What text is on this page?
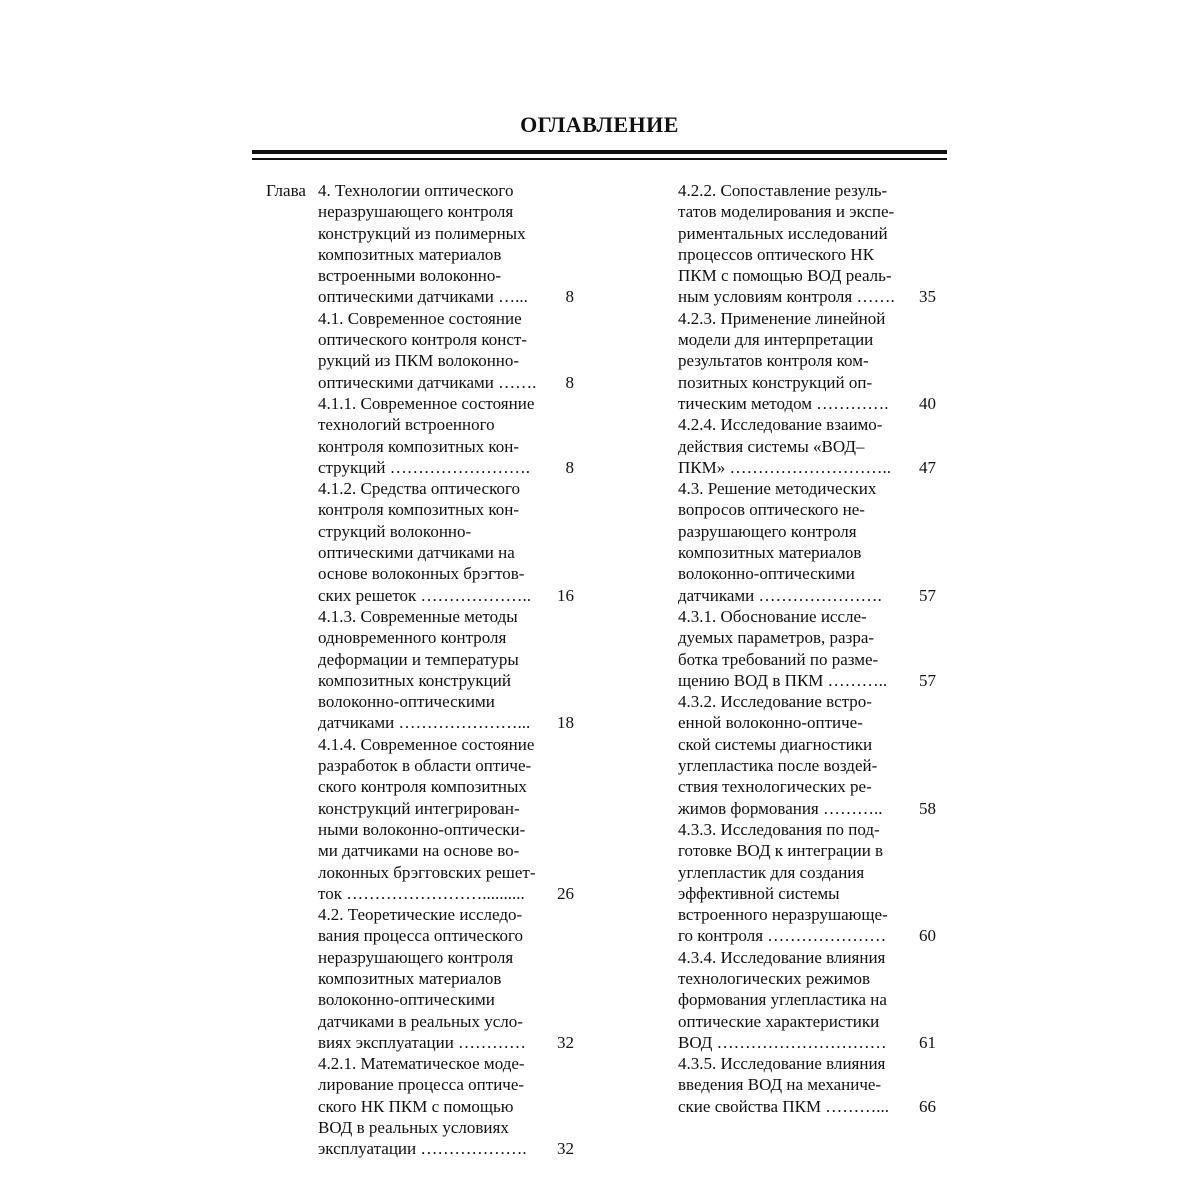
ОГЛАВЛЕНИЕ
Глава 4. Технологии оптического
неразрушающего контроля
конструкций из полимерных
композитных материалов
встроенными волоконно-
оптическими датчиками …...	8
4.1. Современное состояние
оптического контроля конст-
рукций из ПКМ волоконно-
оптическими датчиками …….	8
4.1.1. Современное состояние
технологий встроенного
контроля композитных кон-
струкций …………………….	8
4.1.2. Средства оптического
контроля композитных кон-
струкций волоконно-
оптическими датчиками на
основе волоконных брэгтов-
ских решеток ………………..	16
4.1.3. Современные методы
одновременного контроля
деформации и температуры
композитных конструкций
волоконно-оптическими
датчиками …………………...	18
4.1.4. Современное состояние
разработок в области оптиче-
ского контроля композитных
конструкций интегрирован-
ными волоконно-оптически-
ми датчиками на основе во-
локонных брэгговских решет-
ток ……………………..........	26
4.2. Теоретические исследо-
вания процесса оптического
неразрушающего контроля
композитных материалов
волоконно-оптическими
датчиками в реальных усло-
виях эксплуатации …………	32
4.2.1. Математическое моде-
лирование процесса оптиче-
ского НК ПКМ с помощью
ВОД в реальных условиях
эксплуатации ……………….	32
4.2.2. Сопоставление резуль-
татов моделирования и экспе-
риментальных исследований
процессов оптического НК
ПКМ с помощью ВОД реаль-
ным условиям контроля …….	35
4.2.3. Применение линейной
модели для интерпретации
результатов контроля ком-
позитных конструкций оп-
тическим методом ………….	40
4.2.4. Исследование взаимо-
действия системы «ВОД–
ПКМ» ………………………..	47
4.3. Решение методических
вопросов оптического не-
разрушающего контроля
композитных материалов
волоконно-оптическими
датчиками ………………….	57
4.3.1. Обоснование иссле-
дуемых параметров, разра-
ботка требований по разме-
щению ВОД в ПКМ ………..	57
4.3.2. Исследование встро-
енной волоконно-оптиче-
ской системы диагностики
углепластика после воздей-
ствия технологических ре-
жимов формования ………..	58
4.3.3. Исследования по под-
готовке ВОД к интеграции в
углепластик для создания
эффективной системы
встроенного неразрушающе-
го контроля …………………	60
4.3.4. Исследование влияния
технологических режимов
формования углепластика на
оптические характеристики
ВОД …………………………	61
4.3.5. Исследование влияния
введения ВОД на механиче-
ские свойства ПКМ ………...	66
